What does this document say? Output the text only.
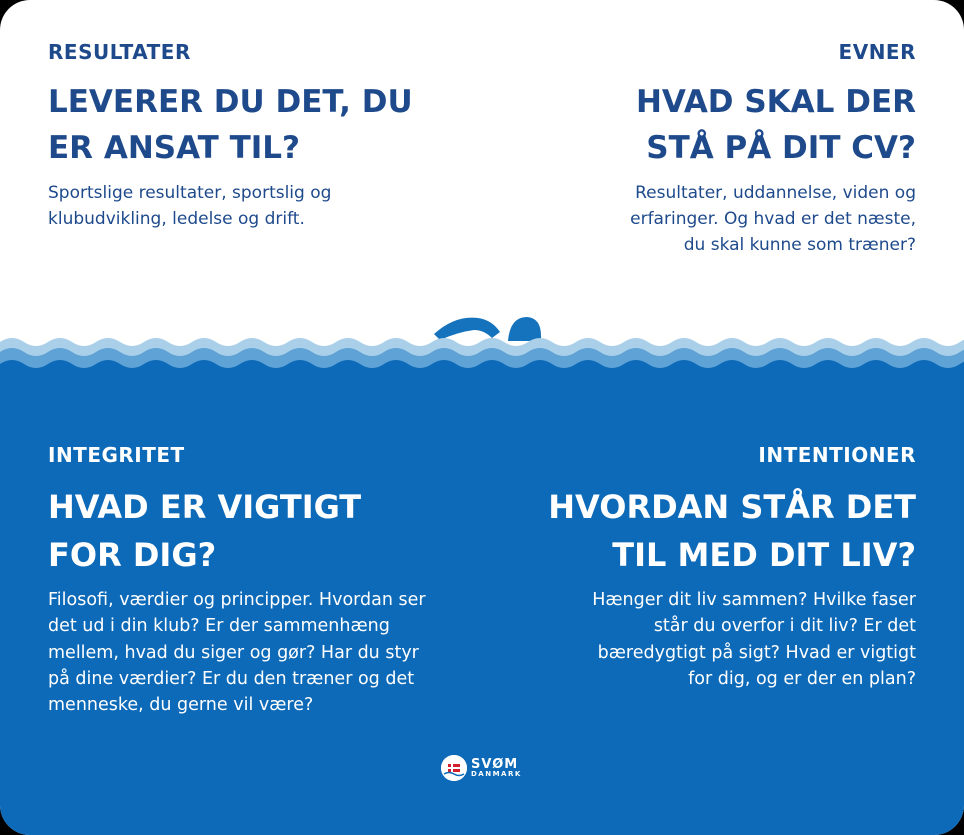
RESULTATER
LEVERER DU DET, DU
ER ANSAT TIL?
Sportslige resultater, sportslig og
klubudvikling, ledelse og drift.
EVNER
HVAD SKAL DER
STÅ PÅ DIT CV?
Resultater, uddannelse, viden og
erfaringer. Og hvad er det næste,
du skal kunne som træner?
INTEGRITET
HVAD ER VIGTIGT
FOR DIG?
Filosofi, værdier og principper. Hvordan ser
det ud i din klub? Er der sammenhæng
mellem, hvad du siger og gør? Har du styr
på dine værdier? Er du den træner og det
menneske, du gerne vil være?
INTENTIONER
HVORDAN STÅR DET
TIL MED DIT LIV?
Hænger dit liv sammen? Hvilke faser
står du overfor i dit liv? Er det
bæredygtigt på sigt? Hvad er vigtigt
for dig, og er der en plan?
SVØM
DANMARK
